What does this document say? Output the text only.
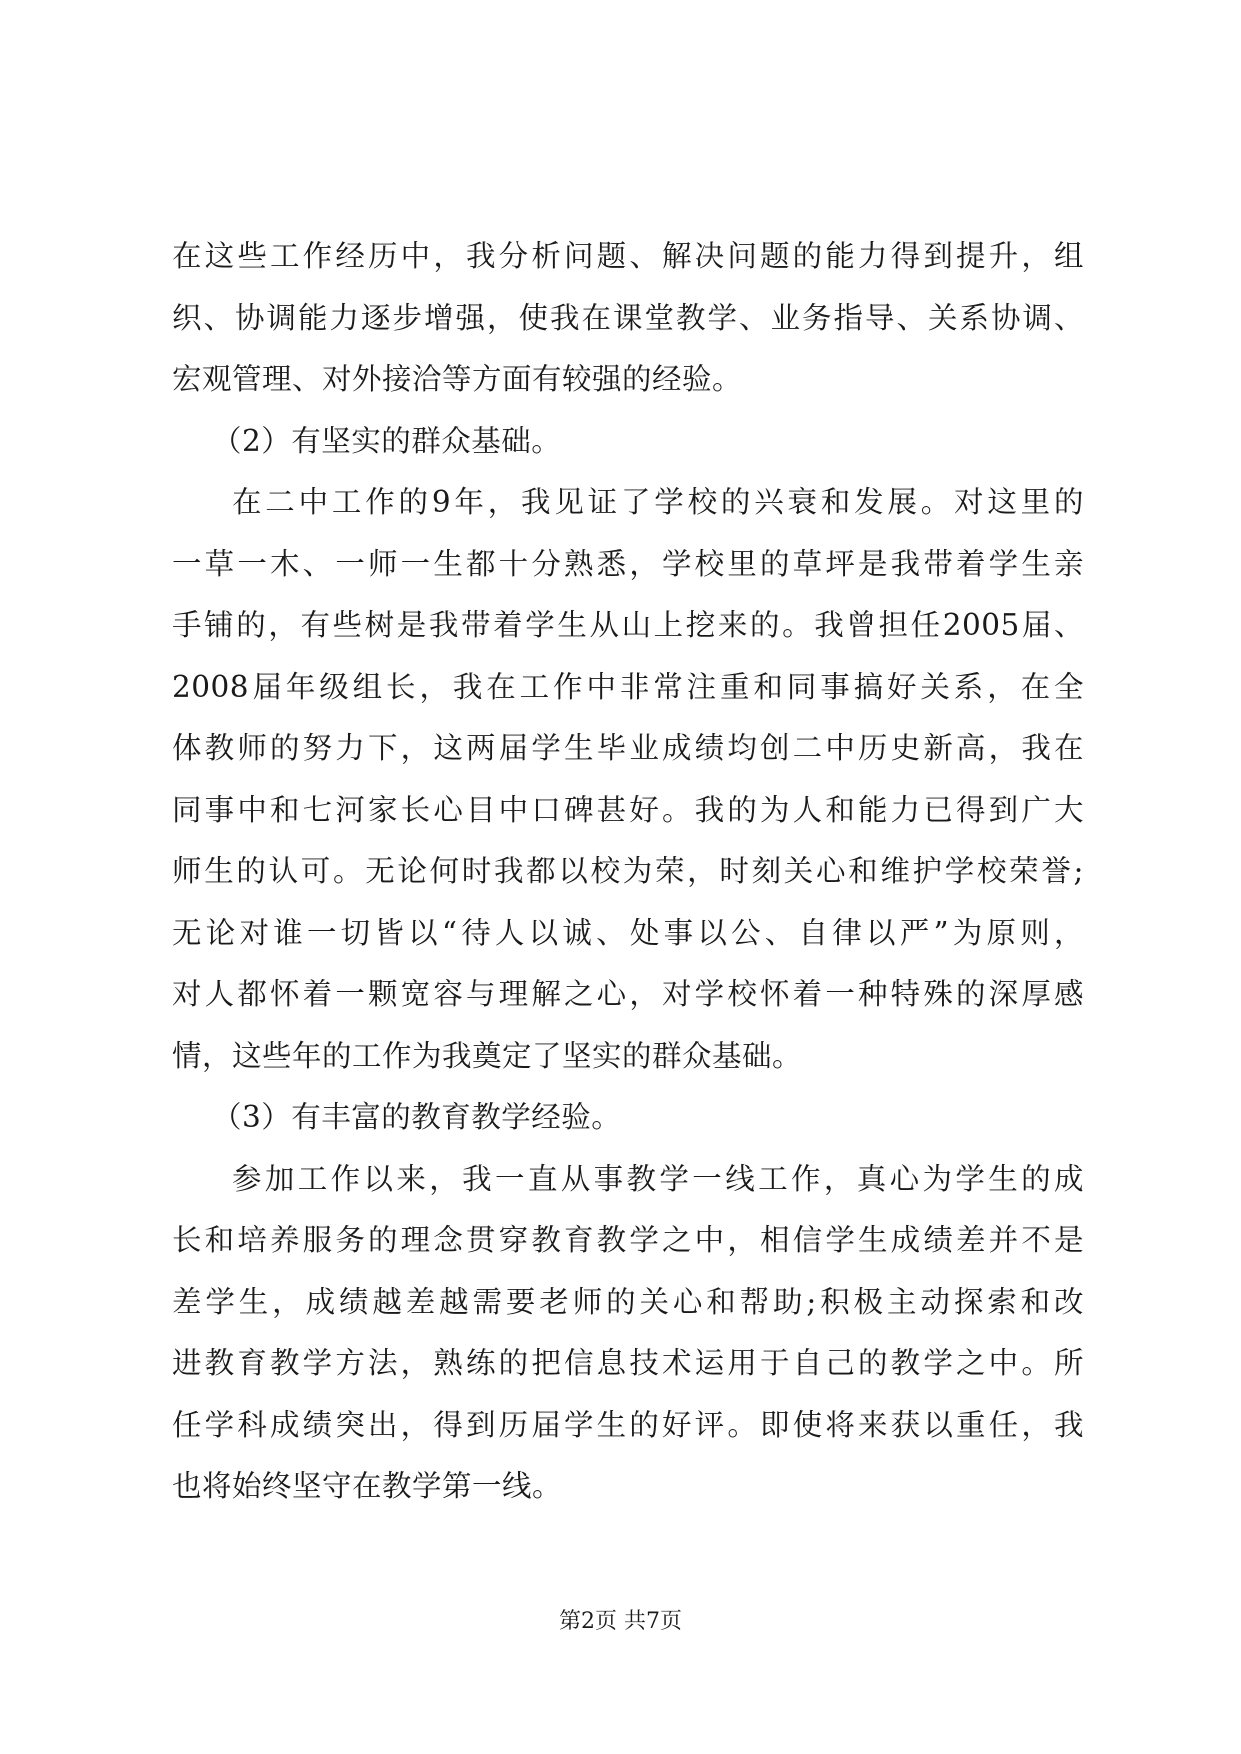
在这些工作经历中，我分析问题、解决问题的能力得到提升，组
织、协调能力逐步增强，使我在课堂教学、业务指导、关系协调、
宏观管理、对外接洽等方面有较强的经验。
（2）有坚实的群众基础。
在二中工作的9年，我见证了学校的兴衰和发展。对这里的
一草一木、一师一生都十分熟悉，学校里的草坪是我带着学生亲
手铺的，有些树是我带着学生从山上挖来的。我曾担任2005届、
2008届年级组长，我在工作中非常注重和同事搞好关系，在全
体教师的努力下，这两届学生毕业成绩均创二中历史新高，我在
同事中和七河家长心目中口碑甚好。我的为人和能力已得到广大
师生的认可。无论何时我都以校为荣，时刻关心和维护学校荣誉;
无论对谁一切皆以“待人以诚、处事以公、自律以严”为原则，
对人都怀着一颗宽容与理解之心，对学校怀着一种特殊的深厚感
情，这些年的工作为我奠定了坚实的群众基础。
（3）有丰富的教育教学经验。
参加工作以来，我一直从事教学一线工作，真心为学生的成
长和培养服务的理念贯穿教育教学之中，相信学生成绩差并不是
差学生，成绩越差越需要老师的关心和帮助;积极主动探索和改
进教育教学方法，熟练的把信息技术运用于自己的教学之中。所
任学科成绩突出，得到历届学生的好评。即使将来获以重任，我
也将始终坚守在教学第一线。
第2页 共7页
